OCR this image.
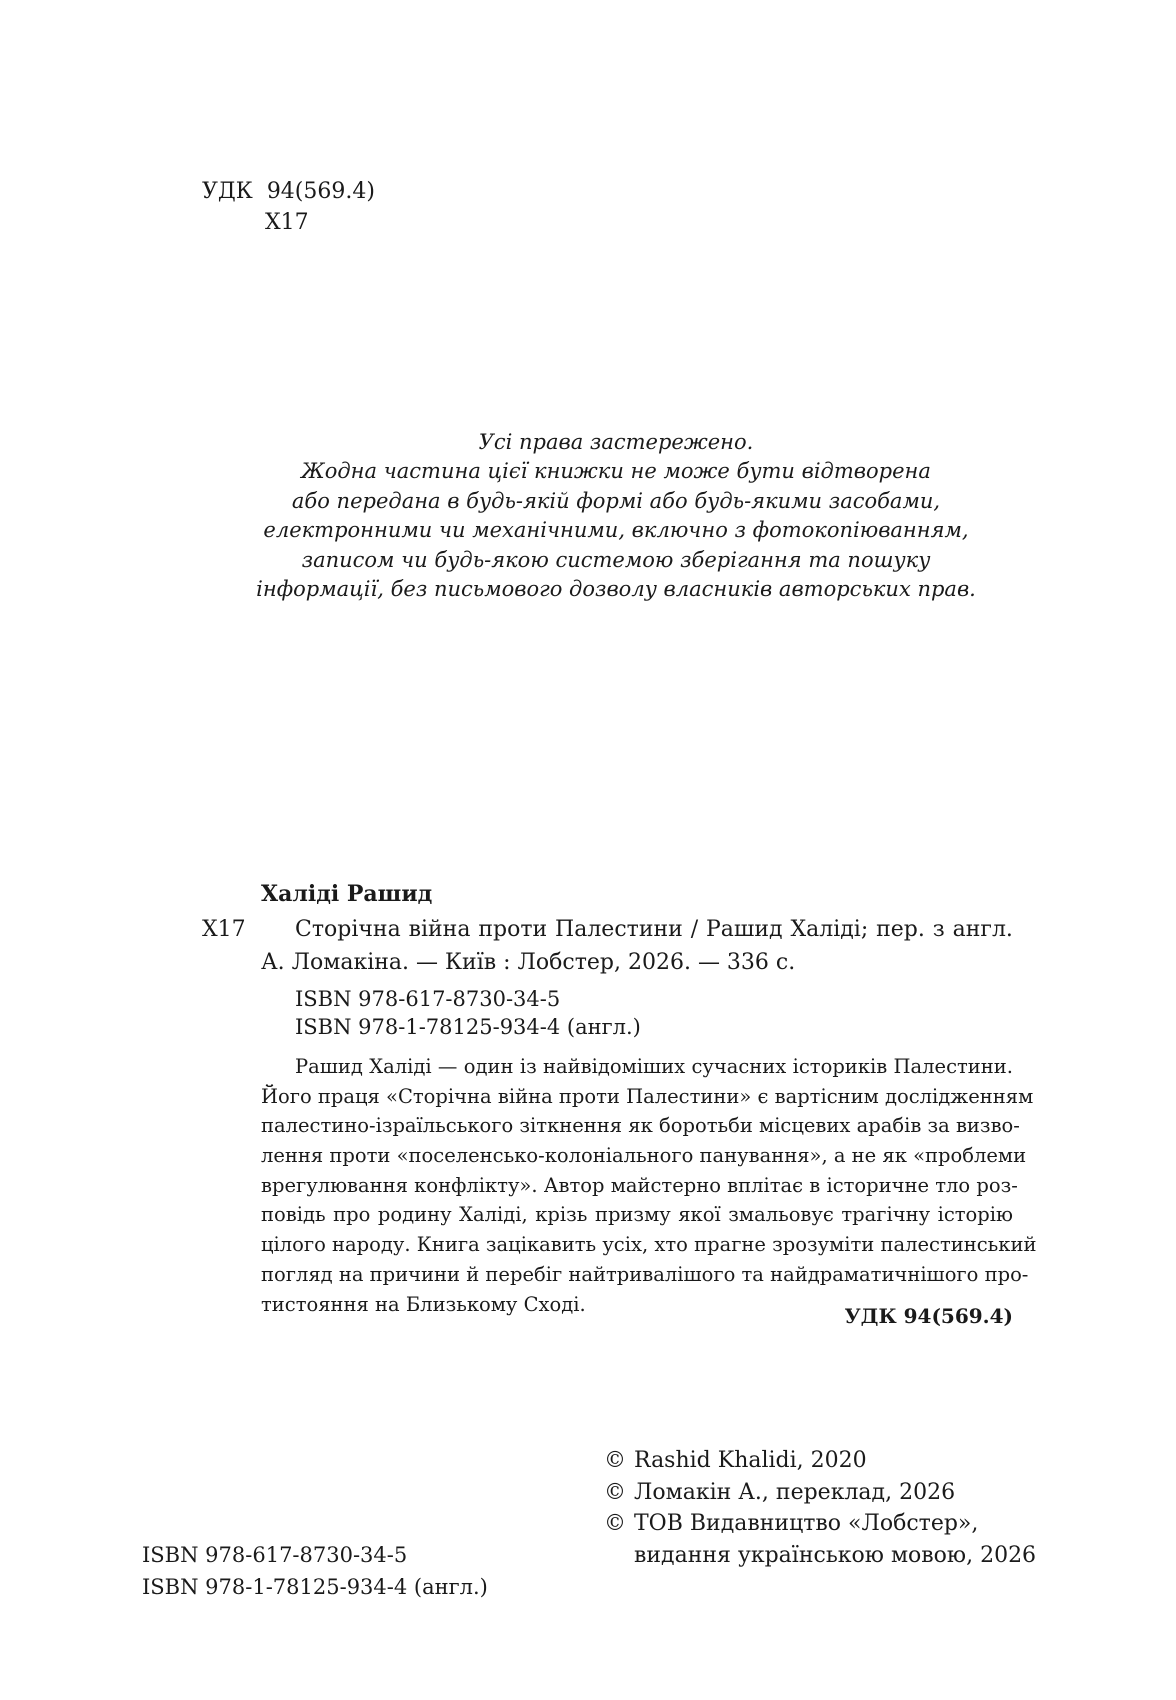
УДК 94(569.4)
Х17
Усі права застережено.
Жодна частина цієї книжки не може бути відтворена
або передана в будь-якій формі або будь-якими засобами,
електронними чи механічними, включно з фотокопіюванням,
записом чи будь-якою системою зберігання та пошуку
інформації, без письмового дозволу власників авторських прав.
Халіді Рашид
Х17 Сторічна війна проти Палестини / Рашид Халіді; пер. з англ.
А. Ломакіна. — Київ : Лобстер, 2026. — 336 с.
ISBN 978-617-8730-34-5
ISBN 978-1-78125-934-4 (англ.)
Рашид Халіді — один із найвідоміших сучасних істориків Палестини.
Його праця «Сторічна війна проти Палестини» є вартісним дослідженням
палестино-ізраїльського зіткнення як боротьби місцевих арабів за визво-
лення проти «поселенсько-колоніального панування», а не як «проблеми
врегулювання конфлікту». Автор майстерно вплітає в історичне тло роз-
повідь про родину Халіді, крізь призму якої змальовує трагічну історію
цілого народу. Книга зацікавить усіх, хто прагне зрозуміти палестинський
погляд на причини й перебіг найтривалішого та найдраматичнішого про-
тистояння на Близькому Сході.	УДК 94(569.4)
© Rashid Khalidi, 2020
© Ломакін А., переклад, 2026
© ТОВ Видавництво «Лобстер»,
видання українською мовою, 2026
ISBN 978-617-8730-34-5
ISBN 978-1-78125-934-4 (англ.)
